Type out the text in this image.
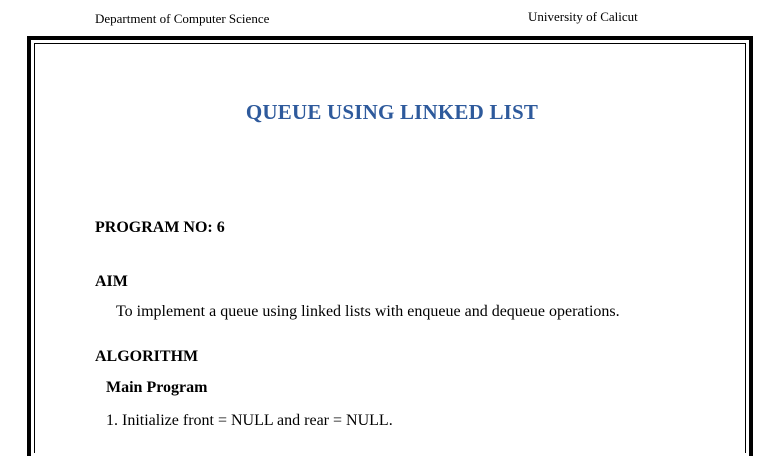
Department of Computer Science	University of Calicut
QUEUE USING LINKED LIST
PROGRAM NO: 6
AIM
To implement a queue using linked lists with enqueue and dequeue operations.
ALGORITHM
Main Program
1. Initialize front = NULL and rear = NULL.
